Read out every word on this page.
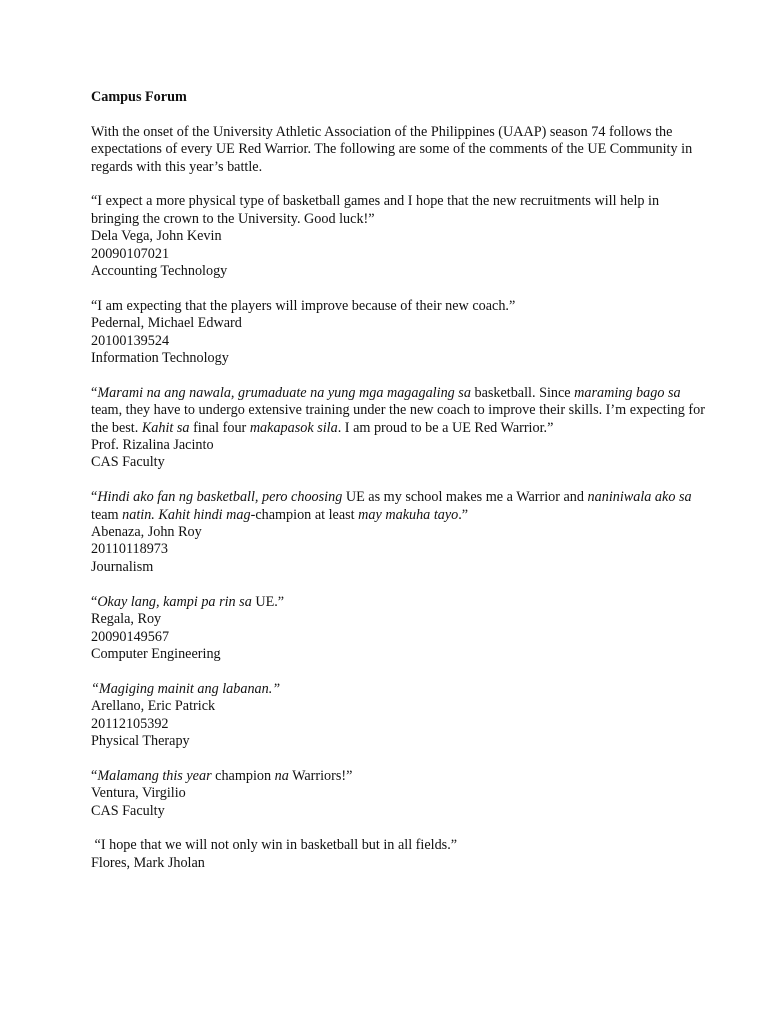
Campus Forum

With the onset of the University Athletic Association of the Philippines (UAAP) season 74 follows the expectations of every UE Red Warrior. The following are some of the comments of the UE Community in regards with this year’s battle.

“I expect a more physical type of basketball games and I hope that the new recruitments will help in bringing the crown to the University. Good luck!”

Dela Vega, John Kevin

20090107021

Accounting Technology

“I am expecting that the players will improve because of their new coach.”

Pedernal, Michael Edward

20100139524

Information Technology

“Marami na ang nawala, grumaduate na yung mga magagaling sa basketball. Since maraming bago sa team, they have to undergo extensive training under the new coach to improve their skills. I’m expecting for the best. Kahit sa final four makapasok sila. I am proud to be a UE Red Warrior.”

Prof. Rizalina Jacinto

CAS Faculty

“Hindi ako fan ng basketball, pero choosing UE as my school makes me a Warrior and naniniwala ako sa team natin. Kahit hindi mag-champion at least may makuha tayo.”

Abenaza, John Roy

20110118973

Journalism

“Okay lang, kampi pa rin sa UE.”

Regala, Roy

20090149567

Computer Engineering

“Magiging mainit ang labanan.”

Arellano, Eric Patrick

20112105392

Physical Therapy

“Malamang this year champion na Warriors!”

Ventura, Virgilio

CAS Faculty

“I hope that we will not only win in basketball but in all fields.”

Flores, Mark Jholan
